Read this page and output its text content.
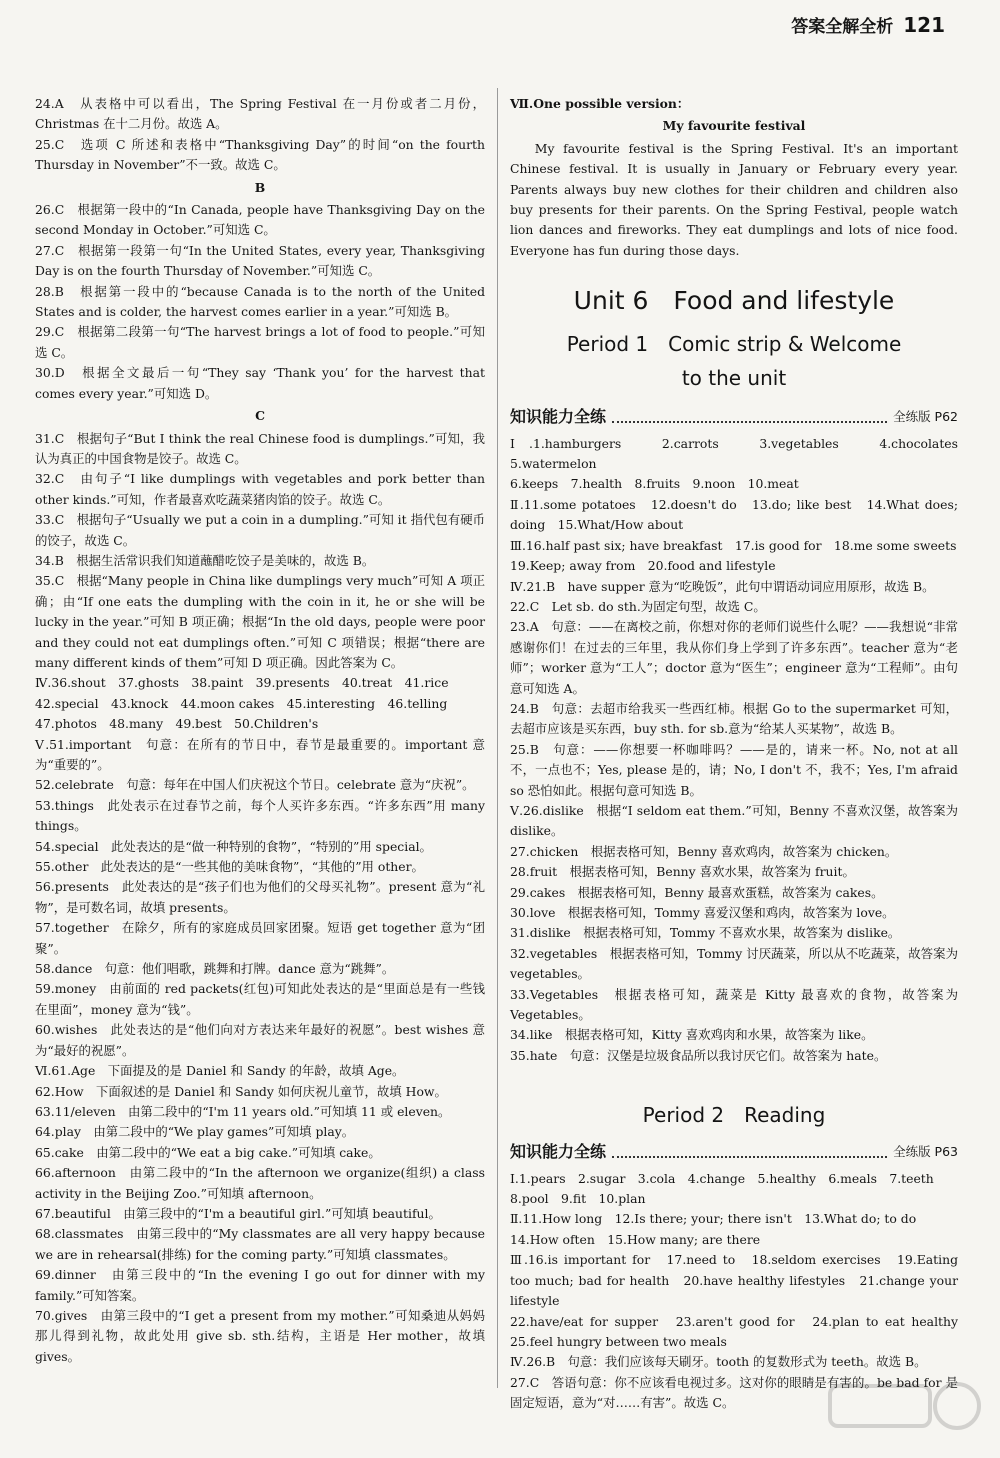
答案全解全析 121

24.A　从表格中可以看出，The Spring Festival 在一月份或者二月份，Christmas 在十二月份。故选 A。

25.C　选项 C 所述和表格中“Thanksgiving Day”的时间“on the fourth Thursday in November”不一致。故选 C。

B

26.C　根据第一段中的“In Canada, people have Thanksgiving Day on the second Monday in October.”可知选 C。

27.C　根据第一段第一句“In the United States, every year, Thanksgiving Day is on the fourth Thursday of November.”可知选 C。

28.B　根据第一段中的“because Canada is to the north of the United States and is colder, the harvest comes earlier in a year.”可知选 B。

29.C　根据第二段第一句“The harvest brings a lot of food to people.”可知选 C。

30.D　根据全文最后一句“They say ‘Thank you’ for the harvest that comes every year.”可知选 D。

C

31.C　根据句子“But I think the real Chinese food is dumplings.”可知，我认为真正的中国食物是饺子。故选 C。

32.C　由句子“I like dumplings with vegetables and pork better than other kinds.”可知，作者最喜欢吃蔬菜猪肉馅的饺子。故选 C。

33.C　根据句子“Usually we put a coin in a dumpling.”可知 it 指代包有硬币的饺子，故选 C。

34.B　根据生活常识我们知道蘸醋吃饺子是美味的，故选 B。

35.C　根据“Many people in China like dumplings very much”可知 A 项正确；由“If one eats the dumpling with the coin in it, he or she will be lucky in the year.”可知 B 项正确；根据“In the old days, people were poor and they could not eat dumplings often.”可知 C 项错误；根据“there are many different kinds of them”可知 D 项正确。因此答案为 C。

Ⅳ.36.shout　37.ghosts　38.paint　39.presents　40.treat　41.rice

42.special　43.knock　44.moon cakes　45.interesting　46.telling

47.photos　48.many　49.best　50.Children's

Ⅴ.51.important　句意：在所有的节日中，春节是最重要的。important 意为“重要的”。

52.celebrate　句意：每年在中国人们庆祝这个节日。celebrate 意为“庆祝”。

53.things　此处表示在过春节之前，每个人买许多东西。“许多东西”用 many things。

54.special　此处表达的是“做一种特别的食物”，“特别的”用 special。

55.other　此处表达的是“一些其他的美味食物”，“其他的”用 other。

56.presents　此处表达的是“孩子们也为他们的父母买礼物”。present 意为“礼物”，是可数名词，故填 presents。

57.together　在除夕，所有的家庭成员回家团聚。短语 get together 意为“团聚”。

58.dance　句意：他们唱歌，跳舞和打牌。dance 意为“跳舞”。

59.money　由前面的 red packets(红包)可知此处表达的是“里面总是有一些钱在里面”，money 意为“钱”。

60.wishes　此处表达的是“他们向对方表达来年最好的祝愿”。best wishes 意为“最好的祝愿”。

Ⅵ.61.Age　下面提及的是 Daniel 和 Sandy 的年龄，故填 Age。

62.How　下面叙述的是 Daniel 和 Sandy 如何庆祝儿童节，故填 How。

63.11/eleven　由第二段中的“I'm 11 years old.”可知填 11 或 eleven。

64.play　由第二段中的“We play games”可知填 play。

65.cake　由第二段中的“We eat a big cake.”可知填 cake。

66.afternoon　由第二段中的“In the afternoon we organize(组织) a class activity in the Beijing Zoo.”可知填 afternoon。

67.beautiful　由第三段中的“I'm a beautiful girl.”可知填 beautiful。

68.classmates　由第三段中的“My classmates are all very happy because we are in rehearsal(排练) for the coming party.”可知填 classmates。

69.dinner　由第三段中的“In the evening I go out for dinner with my family.”可知答案。

70.gives　由第三段中的“I get a present from my mother.”可知桑迪从妈妈那儿得到礼物，故此处用 give sb. sth.结构，主语是 Her mother，故填 gives。

Ⅶ.One possible version：

My favourite festival

My favourite festival is the Spring Festival. It's an important Chinese festival. It is usually in January or February every year. Parents always buy new clothes for their children and children also buy presents for their parents. On the Spring Festival, people watch lion dances and fireworks. They eat dumplings and lots of nice food. Everyone has fun during those days.

Unit 6　Food and lifestyle
Period 1　Comic strip & Welcome
to the unit
知识能力全练	全练版 P62

Ⅰ.1.hamburgers　2.carrots　3.vegetables　4.chocolates　5.watermelon

6.keeps　7.health　8.fruits　9.noon　10.meat

Ⅱ.11.some potatoes　12.doesn't do　13.do; like best　14.What does; doing　15.What/How about

Ⅲ.16.half past six; have breakfast　17.is good for　18.me some sweets

19.Keep; away from　20.food and lifestyle

Ⅳ.21.B　have supper 意为“吃晚饭”，此句中谓语动词应用原形，故选 B。

22.C　Let sb. do sth.为固定句型，故选 C。

23.A　句意：——在离校之前，你想对你的老师们说些什么呢？——我想说“非常感谢你们！在过去的三年里，我从你们身上学到了许多东西”。teacher 意为“老师”；worker 意为“工人”；doctor 意为“医生”；engineer 意为“工程师”。由句意可知选 A。

24.B　句意：去超市给我买一些西红柿。根据 Go to the supermarket 可知，去超市应该是买东西，buy sth. for sb.意为“给某人买某物”，故选 B。

25.B　句意：——你想要一杯咖啡吗？——是的，请来一杯。No, not at all 不，一点也不；Yes, please 是的，请；No, I don't 不，我不；Yes, I'm afraid so 恐怕如此。根据句意可知选 B。

Ⅴ.26.dislike　根据“I seldom eat them.”可知，Benny 不喜欢汉堡，故答案为 dislike。

27.chicken　根据表格可知，Benny 喜欢鸡肉，故答案为 chicken。

28.fruit　根据表格可知，Benny 喜欢水果，故答案为 fruit。

29.cakes　根据表格可知，Benny 最喜欢蛋糕，故答案为 cakes。

30.love　根据表格可知，Tommy 喜爱汉堡和鸡肉，故答案为 love。

31.dislike　根据表格可知，Tommy 不喜欢水果，故答案为 dislike。

32.vegetables　根据表格可知，Tommy 讨厌蔬菜，所以从不吃蔬菜，故答案为 vegetables。

33.Vegetables　根据表格可知，蔬菜是 Kitty 最喜欢的食物，故答案为 Vegetables。

34.like　根据表格可知，Kitty 喜欢鸡肉和水果，故答案为 like。

35.hate　句意：汉堡是垃圾食品所以我讨厌它们。故答案为 hate。

Period 2　Reading
知识能力全练	全练版 P63

Ⅰ.1.pears　2.sugar　3.cola　4.change　5.healthy　6.meals　7.teeth

8.pool　9.fit　10.plan

Ⅱ.11.How long　12.Is there; your; there isn't　13.What do; to do

14.How often　15.How many; are there

Ⅲ.16.is important for　17.need to　18.seldom exercises　19.Eating too much; bad for health　20.have healthy lifestyles　21.change your lifestyle

22.have/eat for supper　23.aren't good for　24.plan to eat healthy　25.feel hungry between two meals

Ⅳ.26.B　句意：我们应该每天刷牙。tooth 的复数形式为 teeth。故选 B。

27.C　答语句意：你不应该看电视过多。这对你的眼睛是有害的。be bad for 是固定短语，意为“对……有害”。故选 C。
